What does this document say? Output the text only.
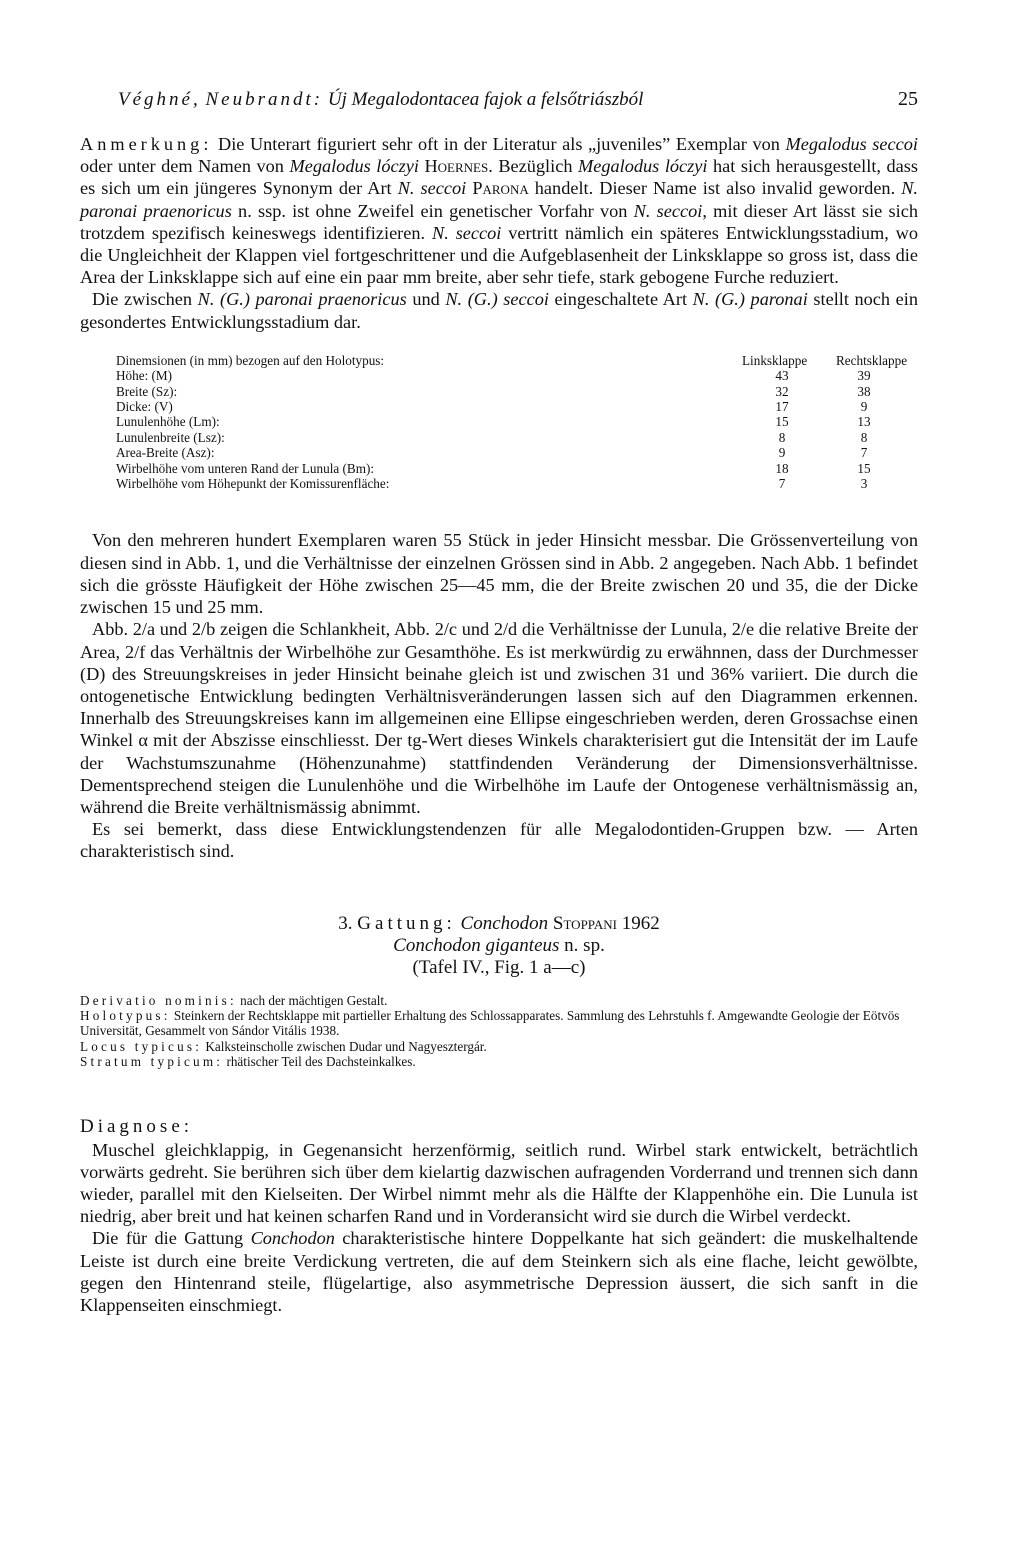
Véghné, Neubrandt: Új Megalodontacea fajok a felsőtriászból	25

Anmerkung: Die Unterart figuriert sehr oft in der Literatur als „juveniles” Exemplar von Megalodus seccoi oder unter dem Namen von Megalodus lóczyi Hoernes. Bezüglich Megalodus lóczyi hat sich herausgestellt, dass es sich um ein jüngeres Synonym der Art N. seccoi Parona handelt. Dieser Name ist also invalid geworden. N. paronai praenoricus n. ssp. ist ohne Zweifel ein genetischer Vorfahr von N. seccoi, mit dieser Art lässt sie sich trotzdem spezifisch keineswegs identifizieren. N. seccoi vertritt nämlich ein späteres Entwicklungsstadium, wo die Ungleichheit der Klappen viel fortgeschrittener und die Aufgeblasenheit der Linksklappe so gross ist, dass die Area der Linksklappe sich auf eine ein paar mm breite, aber sehr tiefe, stark gebogene Furche reduziert.

Die zwischen N. (G.) paronai praenoricus und N. (G.) seccoi eingeschaltete Art N. (G.) paronai stellt noch ein gesondertes Entwicklungsstadium dar.

Dinemsionen (in mm) bezogen auf den Holotypus:	Linksklappe	Rechtsklappe
Höhe: (M)	43	39
Breite (Sz):	32	38
Dicke: (V)	17	9
Lunulenhöhe (Lm):	15	13
Lunulenbreite (Lsz):	8	8
Area-Breite (Asz):	9	7
Wirbelhöhe vom unteren Rand der Lunula (Bm):	18	15
Wirbelhöhe vom Höhepunkt der Komissurenfläche:	7	3

Von den mehreren hundert Exemplaren waren 55 Stück in jeder Hinsicht messbar. Die Grössenverteilung von diesen sind in Abb. 1, und die Verhältnisse der einzelnen Grössen sind in Abb. 2 angegeben. Nach Abb. 1 befindet sich die grösste Häufigkeit der Höhe zwischen 25—45 mm, die der Breite zwischen 20 und 35, die der Dicke zwischen 15 und 25 mm.

Abb. 2/a und 2/b zeigen die Schlankheit, Abb. 2/c und 2/d die Verhältnisse der Lunula, 2/e die relative Breite der Area, 2/f das Verhältnis der Wirbelhöhe zur Gesamthöhe. Es ist merkwürdig zu erwähnnen, dass der Durchmesser (D) des Streuungskreises in jeder Hinsicht beinahe gleich ist und zwischen 31 und 36% variiert. Die durch die ontogenetische Entwicklung bedingten Verhältnisveränderungen lassen sich auf den Diagrammen erkennen. Innerhalb des Streuungskreises kann im allgemeinen eine Ellipse eingeschrieben werden, deren Grossachse einen Winkel α mit der Abszisse einschliesst. Der tg-Wert dieses Winkels charakterisiert gut die Intensität der im Laufe der Wachstumszunahme (Höhenzunahme) stattfindenden Veränderung der Dimensionsverhältnisse. Dementsprechend steigen die Lunulenhöhe und die Wirbelhöhe im Laufe der Ontogenese verhältnismässig an, während die Breite verhältnismässig abnimmt.

Es sei bemerkt, dass diese Entwicklungstendenzen für alle Megalodontiden-Gruppen bzw. — Arten charakteristisch sind.

3. Gattung: Conchodon Stoppani 1962
Conchodon giganteus n. sp.
(Tafel IV., Fig. 1 a—c)
Derivatio nominis: nach der mächtigen Gestalt.
Holotypus: Steinkern der Rechtsklappe mit partieller Erhaltung des Schlossapparates. Sammlung des Lehrstuhls f. Amgewandte Geologie der Eötvös Universität, Gesammelt von Sándor Vitális 1938.
Locus typicus: Kalksteinscholle zwischen Dudar und Nagyesztergár.
Stratum typicum: rhätischer Teil des Dachsteinkalkes.
Diagnose:

Muschel gleichklappig, in Gegenansicht herzenförmig, seitlich rund. Wirbel stark entwickelt, beträchtlich vorwärts gedreht. Sie berühren sich über dem kielartig dazwischen aufragenden Vorderrand und trennen sich dann wieder, parallel mit den Kielseiten. Der Wirbel nimmt mehr als die Hälfte der Klappenhöhe ein. Die Lunula ist niedrig, aber breit und hat keinen scharfen Rand und in Vorderansicht wird sie durch die Wirbel verdeckt.

Die für die Gattung Conchodon charakteristische hintere Doppelkante hat sich geändert: die muskelhaltende Leiste ist durch eine breite Verdickung vertreten, die auf dem Steinkern sich als eine flache, leicht gewölbte, gegen den Hintenrand steile, flügelartige, also asymmetrische Depression äussert, die sich sanft in die Klappenseiten einschmiegt.
